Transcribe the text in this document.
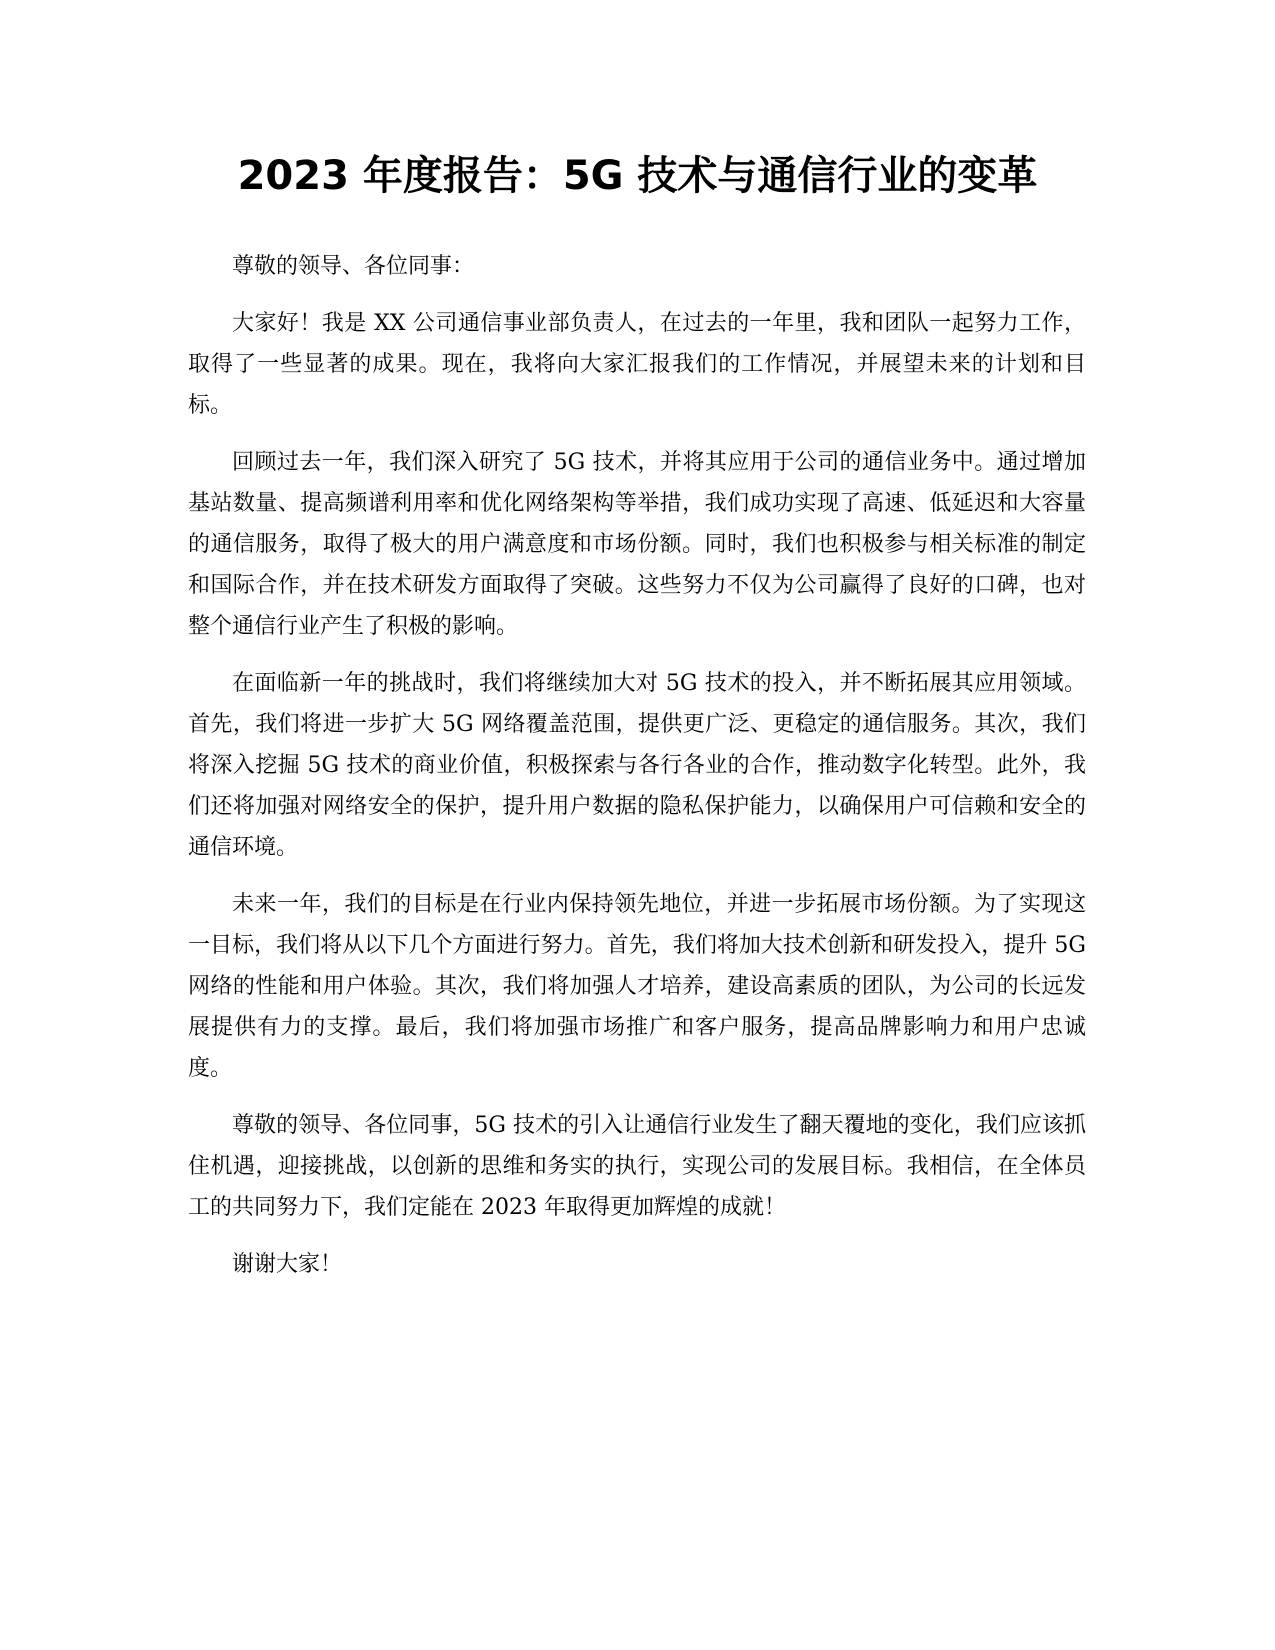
2023 年度报告：5G 技术与通信行业的变革

尊敬的领导、各位同事：

大家好！我是 XX 公司通信事业部负责人，在过去的一年里，我和团队一起努力工作，取得了一些显著的成果。现在，我将向大家汇报我们的工作情况，并展望未来的计划和目标。

回顾过去一年，我们深入研究了 5G 技术，并将其应用于公司的通信业务中。通过增加基站数量、提高频谱利用率和优化网络架构等举措，我们成功实现了高速、低延迟和大容量的通信服务，取得了极大的用户满意度和市场份额。同时，我们也积极参与相关标准的制定和国际合作，并在技术研发方面取得了突破。这些努力不仅为公司赢得了良好的口碑，也对整个通信行业产生了积极的影响。

在面临新一年的挑战时，我们将继续加大对 5G 技术的投入，并不断拓展其应用领域。首先，我们将进一步扩大 5G 网络覆盖范围，提供更广泛、更稳定的通信服务。其次，我们将深入挖掘 5G 技术的商业价值，积极探索与各行各业的合作，推动数字化转型。此外，我们还将加强对网络安全的保护，提升用户数据的隐私保护能力，以确保用户可信赖和安全的通信环境。

未来一年，我们的目标是在行业内保持领先地位，并进一步拓展市场份额。为了实现这一目标，我们将从以下几个方面进行努力。首先，我们将加大技术创新和研发投入，提升 5G 网络的性能和用户体验。其次，我们将加强人才培养，建设高素质的团队，为公司的长远发展提供有力的支撑。最后，我们将加强市场推广和客户服务，提高品牌影响力和用户忠诚度。

尊敬的领导、各位同事，5G 技术的引入让通信行业发生了翻天覆地的变化，我们应该抓住机遇，迎接挑战，以创新的思维和务实的执行，实现公司的发展目标。我相信，在全体员工的共同努力下，我们定能在 2023 年取得更加辉煌的成就！

谢谢大家！
